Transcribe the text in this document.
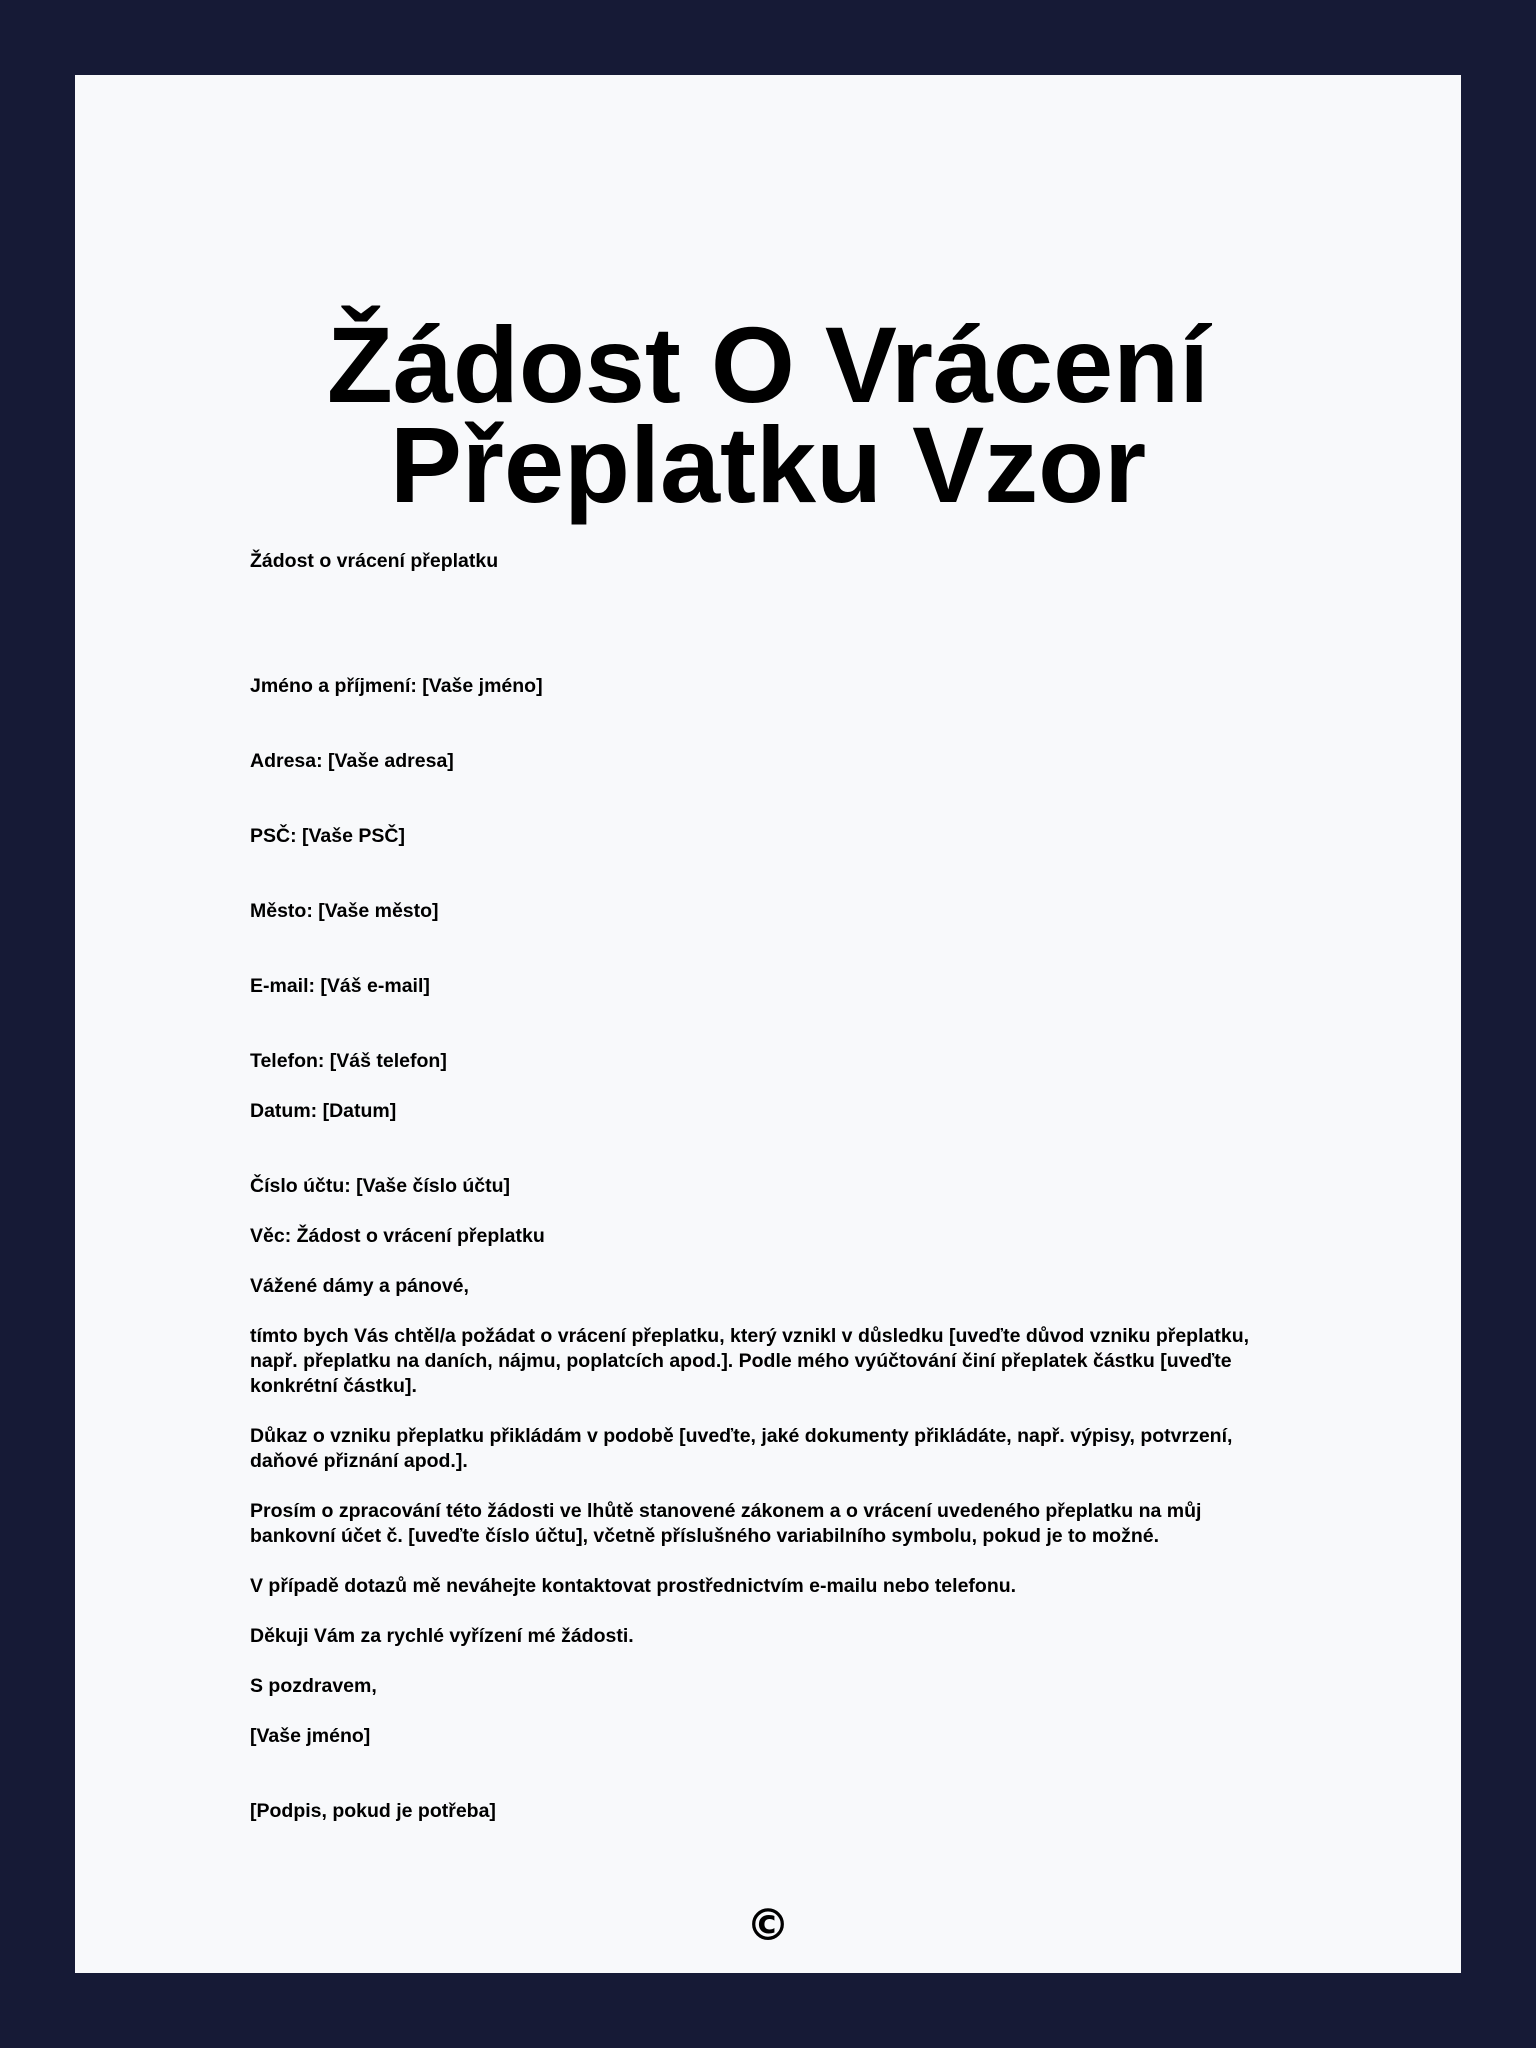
Žádost O Vrácení Přeplatku Vzor

Žádost o vrácení přeplatku

Jméno a příjmení: [Vaše jméno]

Adresa: [Vaše adresa]

PSČ: [Vaše PSČ]

Město: [Vaše město]

E-mail: [Váš e-mail]

Telefon: [Váš telefon]

Datum: [Datum]

Číslo účtu: [Vaše číslo účtu]

Věc: Žádost o vrácení přeplatku

Vážené dámy a pánové,

tímto bych Vás chtěl/a požádat o vrácení přeplatku, který vznikl v důsledku [uveďte důvod vzniku přeplatku, např. přeplatku na daních, nájmu, poplatcích apod.]. Podle mého vyúčtování činí přeplatek částku [uveďte konkrétní částku].

Důkaz o vzniku přeplatku přikládám v podobě [uveďte, jaké dokumenty přikládáte, např. výpisy, potvrzení, daňové přiznání apod.].

Prosím o zpracování této žádosti ve lhůtě stanovené zákonem a o vrácení uvedeného přeplatku na můj bankovní účet č. [uveďte číslo účtu], včetně příslušného variabilního symbolu, pokud je to možné.

V případě dotazů mě neváhejte kontaktovat prostřednictvím e-mailu nebo telefonu.

Děkuji Vám za rychlé vyřízení mé žádosti.

S pozdravem,

[Vaše jméno]

[Podpis, pokud je potřeba]

©
